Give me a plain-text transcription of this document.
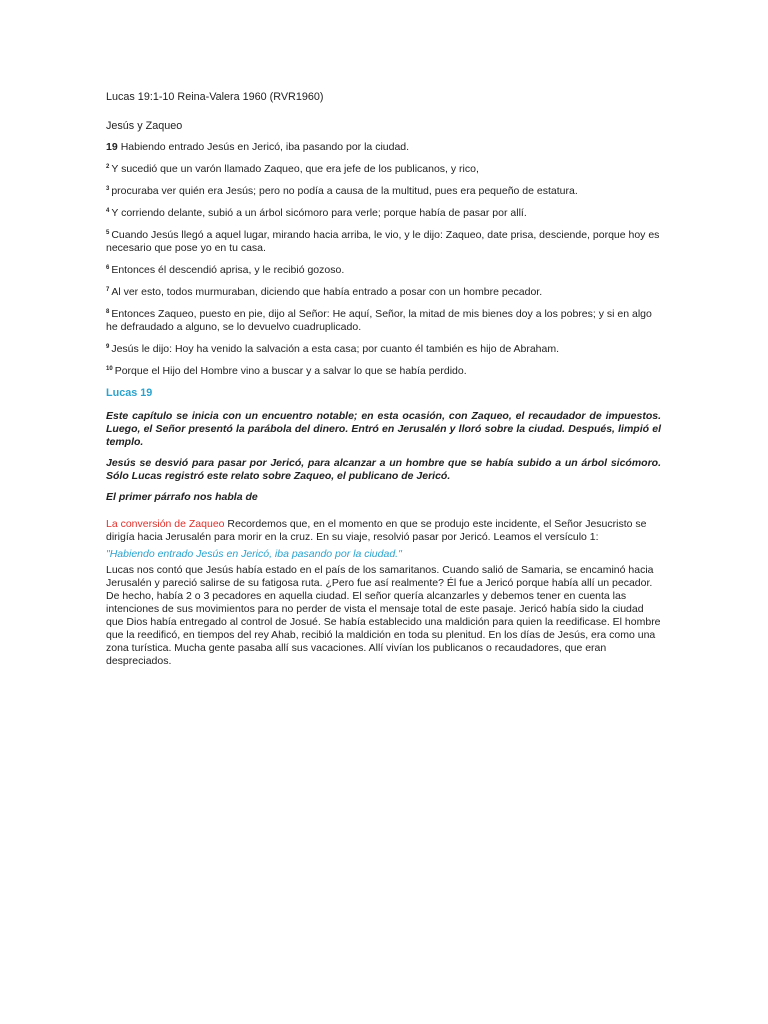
Lucas 19:1-10 Reina-Valera 1960 (RVR1960)
Jesús y Zaqueo
19 Habiendo entrado Jesús en Jericó, iba pasando por la ciudad.
$^2$ Y sucedió que un varón llamado Zaqueo, que era jefe de los publicanos, y rico,
$^3$ procuraba ver quién era Jesús; pero no podía a causa de la multitud, pues era pequeño de estatura.
$^4$ Y corriendo delante, subió a un árbol sicómoro para verle; porque había de pasar por allí.
$^5$ Cuando Jesús llegó a aquel lugar, mirando hacia arriba, le vio, y le dijo: Zaqueo, date prisa, desciende, porque hoy es necesario que pose yo en tu casa.
$^6$ Entonces él descendió aprisa, y le recibió gozoso.
$^7$ Al ver esto, todos murmuraban, diciendo que había entrado a posar con un hombre pecador.
$^8$ Entonces Zaqueo, puesto en pie, dijo al Señor: He aquí, Señor, la mitad de mis bienes doy a los pobres; y si en algo he defraudado a alguno, se lo devuelvo cuadruplicado.
$^9$ Jesús le dijo: Hoy ha venido la salvación a esta casa; por cuanto él también es hijo de Abraham.
$^{10}$ Porque el Hijo del Hombre vino a buscar y a salvar lo que se había perdido.
Lucas 19
Este capítulo se inicia con un encuentro notable; en esta ocasión, con Zaqueo, el recaudador de impuestos. Luego, el Señor presentó la parábola del dinero. Entró en Jerusalén y lloró sobre la ciudad. Después, limpió el templo.
Jesús se desvió para pasar por Jericó, para alcanzar a un hombre que se había subido a un árbol sicómoro. Sólo Lucas registró este relato sobre Zaqueo, el publicano de Jericó.
El primer párrafo nos habla de
La conversión de Zaqueo Recordemos que, en el momento en que se produjo este incidente, el Señor Jesucristo se dirigía hacia Jerusalén para morir en la cruz. En su viaje, resolvió pasar por Jericó. Leamos el versículo 1:
"Habiendo entrado Jesús en Jericó, iba pasando por la ciudad."
Lucas nos contó que Jesús había estado en el país de los samaritanos. Cuando salió de Samaria, se encaminó hacia Jerusalén y pareció salirse de su fatigosa ruta. ¿Pero fue así realmente? Él fue a Jericó porque había allí un pecador. De hecho, había 2 o 3 pecadores en aquella ciudad. El señor quería alcanzarles y debemos tener en cuenta las intenciones de sus movimientos para no perder de vista el mensaje total de este pasaje. Jericó había sido la ciudad que Dios había entregado al control de Josué. Se había establecido una maldición para quien la reedificase. El hombre que la reedificó, en tiempos del rey Ahab, recibió la maldición en toda su plenitud. En los días de Jesús, era como una zona turística. Mucha gente pasaba allí sus vacaciones. Allí vivían los publicanos o recaudadores, que eran despreciados.
